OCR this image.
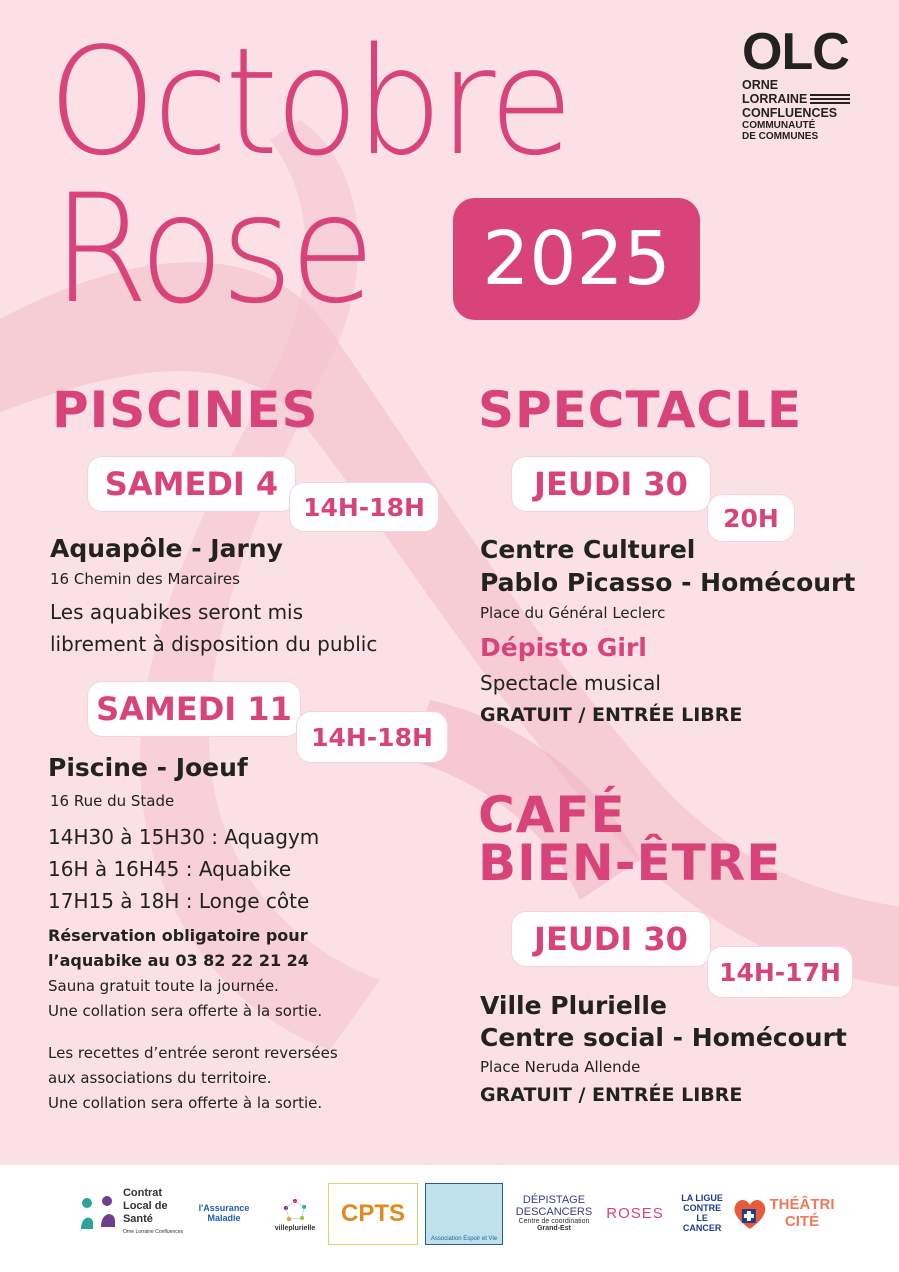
Octobre
Rose	2025
OLC
ORNE
LORRAINE
CONFLUENCES
COMMUNAUTÉ
DE COMMUNES
PISCINES
SAMEDI 4
14H-18H
Aquapôle - Jarny
16 Chemin des Marcaires
Les aquabikes seront mis
librement à disposition du public
SAMEDI 11
14H-18H
Piscine - Joeuf
16 Rue du Stade
14H30 à 15H30 : Aquagym
16H à 16H45 : Aquabike
17H15 à 18H : Longe côte
Réservation obligatoire pour
l’aquabike au 03 82 22 21 24
Sauna gratuit toute la journée.
Une collation sera offerte à la sortie.
Les recettes d’entrée seront reversées
aux associations du territoire.
Une collation sera offerte à la sortie.
SPECTACLE
JEUDI 30
20H
Centre Culturel
Pablo Picasso - Homécourt
Place du Général Leclerc
Dépisto Girl
Spectacle musical
GRATUIT / ENTRÉE LIBRE
CAFÉ
BIEN-ÊTRE
JEUDI 30
14H-17H
Ville Plurielle
Centre social - Homécourt
Place Neruda Allende
GRATUIT / ENTRÉE LIBRE
Contrat
Local de
Santé
Orne Lorraine Confluences
l'Assurance
Maladie
villeplurielle
CPTS
Association Espoir et Vie
DÉPISTAGE
DESCANCERS
Centre de coordination
Grand-Est
ROSES
LA LIGUE
CONTRE
LE CANCER
THÉÂTRI
CITÉ
